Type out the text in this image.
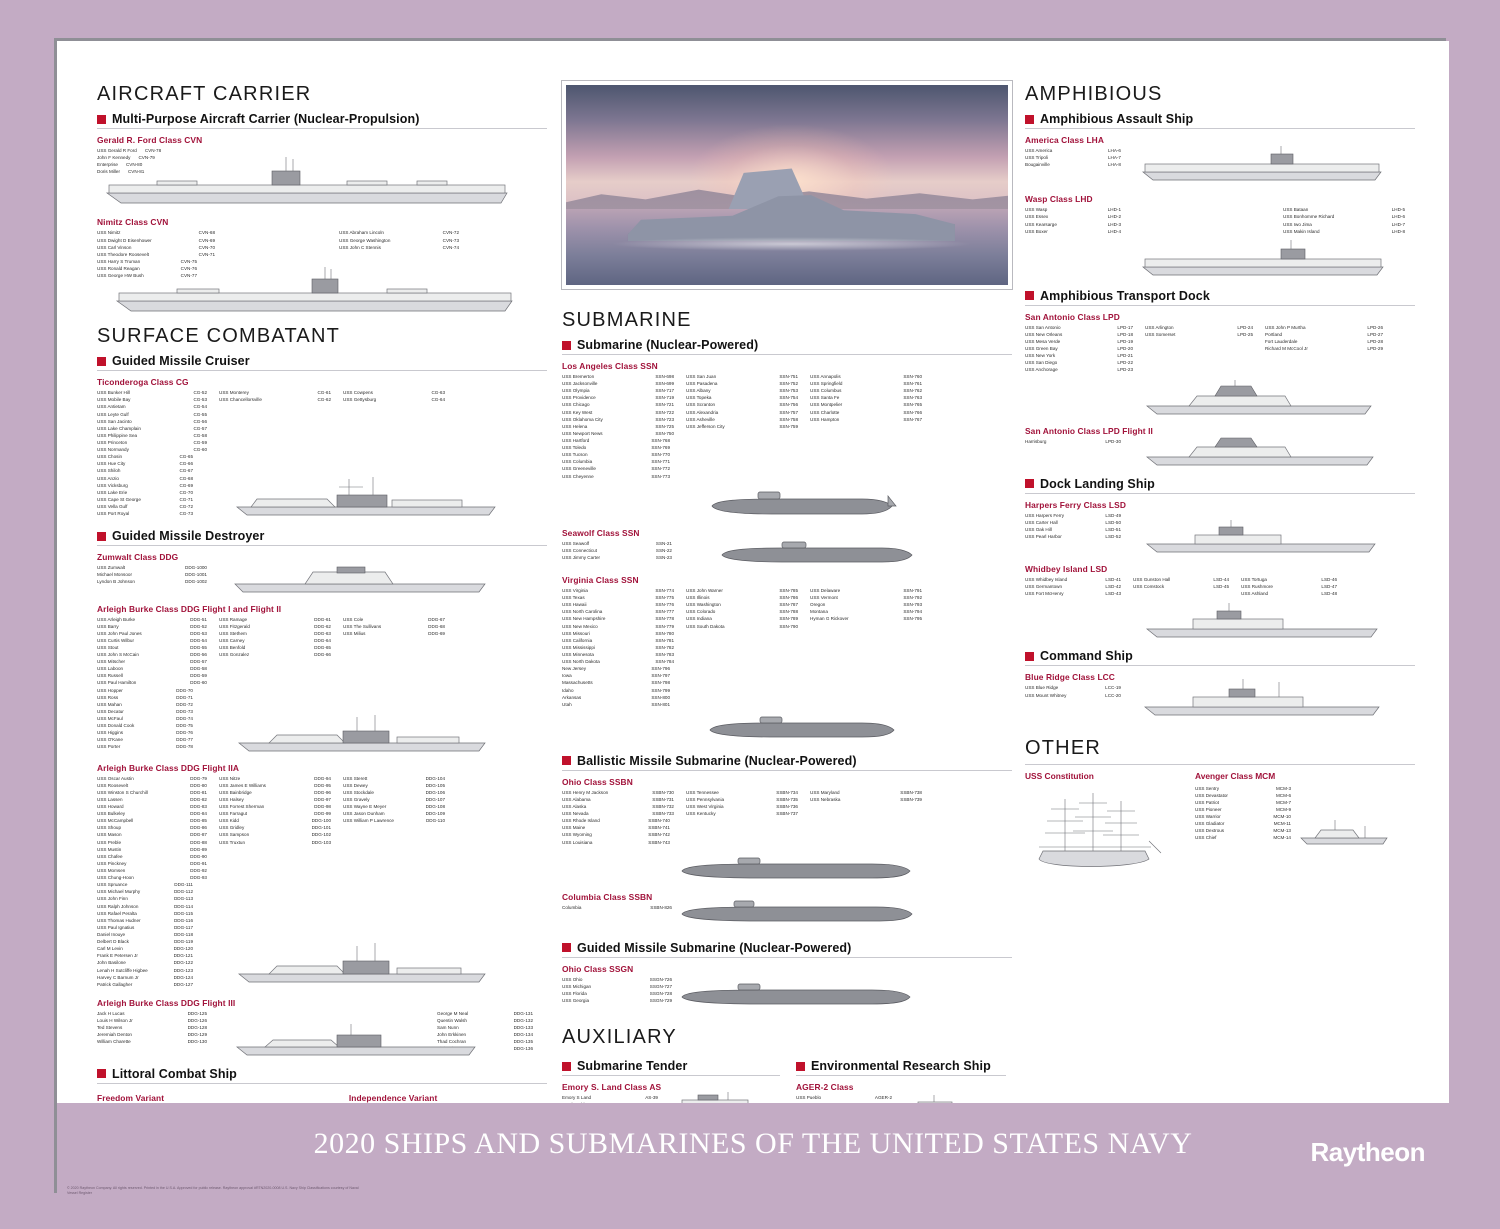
AIRCRAFT CARRIER
Multi-Purpose Aircraft Carrier (Nuclear-Propulsion)
Gerald R. Ford Class CVN
USS Gerald R Ford CVN-78
John F Kennedy CVN-79
Enterprise CVN-80
Doris Miller CVN-81
Nimitz Class CVN
USS Nimitz	CVN-68
USS Dwight D Eisenhower	CVN-69
USS Carl Vinson	CVN-70
USS Theodore Roosevelt	CVN-71
USS Abraham Lincoln	CVN-72
USS George Washington	CVN-73
USS John C Stennis	CVN-74
USS Harry S Truman	CVN-75
USS Ronald Reagan	CVN-76
USS George HW Bush	CVN-77
SURFACE COMBATANT
Guided Missile Cruiser
Ticonderoga Class CG
USS Bunker Hill	CG-52
USS Mobile Bay	CG-53
USS Antietam	CG-54
USS Leyte Gulf	CG-55
USS San Jacinto	CG-56
USS Lake Champlain	CG-57
USS Philippine Sea	CG-58
USS Princeton	CG-59
USS Normandy	CG-60
USS Monterey	CG-61
USS Chancellorsville	CG-62
USS Cowpens	CG-63
USS Gettysburg	CG-64
USS Chosin	CG-65
USS Hue City	CG-66
USS Shiloh	CG-67
USS Anzio	CG-68
USS Vicksburg	CG-69
USS Lake Erie	CG-70
USS Cape St George	CG-71
USS Vella Gulf	CG-72
USS Port Royal	CG-73
Guided Missile Destroyer
Zumwalt Class DDG
USS Zumwalt	DDG-1000
Michael Monsoor	DDG-1001
Lyndon B Johnson	DDG-1002
Arleigh Burke Class DDG Flight I and Flight II
USS Arleigh Burke	DDG-51
USS Barry	DDG-52
USS John Paul Jones	DDG-53
USS Curtis Wilbur	DDG-54
USS Stout	DDG-55
USS John S McCain	DDG-56
USS Mitscher	DDG-57
USS Laboon	DDG-58
USS Russell	DDG-59
USS Paul Hamilton	DDG-60
USS Ramage	DDG-61
USS Fitzgerald	DDG-62
USS Stethem	DDG-63
USS Carney	DDG-64
USS Benfold	DDG-65
USS Gonzalez	DDG-66
USS Cole	DDG-67
USS The Sullivans	DDG-68
USS Milius	DDG-69
USS Hopper	DDG-70
USS Ross	DDG-71
USS Mahan	DDG-72
USS Decatur	DDG-73
USS McFaul	DDG-74
USS Donald Cook	DDG-75
USS Higgins	DDG-76
USS O'Kane	DDG-77
USS Porter	DDG-78
Arleigh Burke Class DDG Flight IIA
USS Oscar Austin	DDG-79
USS Roosevelt	DDG-80
USS Winston S Churchill	DDG-81
USS Lassen	DDG-82
USS Howard	DDG-83
USS Bulkeley	DDG-84
USS McCampbell	DDG-85
USS Shoup	DDG-86
USS Mason	DDG-87
USS Preble	DDG-88
USS Mustin	DDG-89
USS Chafee	DDG-90
USS Pinckney	DDG-91
USS Momsen	DDG-92
USS Chung-Hoon	DDG-93
USS Nitze	DDG-94
USS James E Williams	DDG-95
USS Bainbridge	DDG-96
USS Halsey	DDG-97
USS Forrest Sherman	DDG-98
USS Farragut	DDG-99
USS Kidd	DDG-100
USS Gridley	DDG-101
USS Sampson	DDG-102
USS Truxtun	DDG-103
USS Sterett	DDG-104
USS Dewey	DDG-105
USS Stockdale	DDG-106
USS Gravely	DDG-107
USS Wayne E Meyer	DDG-108
USS Jason Dunham	DDG-109
USS William P Lawrence	DDG-110
USS Spruance	DDG-111
USS Michael Murphy	DDG-112
USS John Finn	DDG-113
USS Ralph Johnson	DDG-114
USS Rafael Peralta	DDG-115
USS Thomas Hudner	DDG-116
USS Paul Ignatius	DDG-117
Daniel Inouye	DDG-118
Delbert D Black	DDG-119
Carl M Levin	DDG-120
Frank E Petersen Jr	DDG-121
John Basilone	DDG-122
Lenah H Sutcliffe Higbee	DDG-123
Harvey C Barnum Jr	DDG-124
Patrick Gallagher	DDG-127
Arleigh Burke Class DDG Flight III
Jack H Lucas	DDG-125
Louis H Wilson Jr	DDG-126
Ted Stevens	DDG-128
Jeremiah Denton	DDG-129
William Charette	DDG-130
George M Neal	DDG-131
Quentin Walsh	DDG-132
Sam Nunn	DDG-133
John Erkkinen	DDG-134
Thad Cochran	DDG-135
DDG-136
Littoral Combat Ship
Freedom Variant	Independence Variant
SUBMARINE
Submarine (Nuclear-Powered)
Los Angeles Class SSN
USS Bremerton	SSN-698
USS Jacksonville	SSN-699
USS Olympia	SSN-717
USS Providence	SSN-719
USS Chicago	SSN-721
USS Key West	SSN-722
USS Oklahoma City	SSN-723
USS Helena	SSN-725
USS Newport News	SSN-750
USS San Juan	SSN-751
USS Pasadena	SSN-752
USS Albany	SSN-753
USS Topeka	SSN-754
USS Scranton	SSN-756
USS Alexandria	SSN-757
USS Asheville	SSN-758
USS Jefferson City	SSN-759
USS Annapolis	SSN-760
USS Springfield	SSN-761
USS Columbus	SSN-762
USS Santa Fe	SSN-763
USS Montpelier	SSN-765
USS Charlotte	SSN-766
USS Hampton	SSN-767
USS Hartford	SSN-768
USS Toledo	SSN-769
USS Tucson	SSN-770
USS Columbia	SSN-771
USS Greeneville	SSN-772
USS Cheyenne	SSN-773
Seawolf Class SSN
USS Seawolf	SSN-21
USS Connecticut	SSN-22
USS Jimmy Carter	SSN-23
Virginia Class SSN
USS Virginia	SSN-774
USS Texas	SSN-775
USS Hawaii	SSN-776
USS North Carolina	SSN-777
USS New Hampshire	SSN-778
USS New Mexico	SSN-779
USS Missouri	SSN-780
USS California	SSN-781
USS Mississippi	SSN-782
USS Minnesota	SSN-783
USS North Dakota	SSN-784
USS John Warner	SSN-785
USS Illinois	SSN-786
USS Washington	SSN-787
USS Colorado	SSN-788
USS Indiana	SSN-789
USS South Dakota	SSN-790
USS Delaware	SSN-791
USS Vermont	SSN-792
Oregon	SSN-793
Montana	SSN-794
Hyman G Rickover	SSN-795
New Jersey	SSN-796
Iowa	SSN-797
Massachusetts	SSN-798
Idaho	SSN-799
Arkansas	SSN-800
Utah	SSN-801
Ballistic Missile Submarine (Nuclear-Powered)
Ohio Class SSBN
USS Henry M Jackson	SSBN-730
USS Alabama	SSBN-731
USS Alaska	SSBN-732
USS Nevada	SSBN-733
USS Tennessee	SSBN-734
USS Pennsylvania	SSBN-735
USS West Virginia	SSBN-736
USS Kentucky	SSBN-737
USS Maryland	SSBN-738
USS Nebraska	SSBN-739
USS Rhode Island	SSBN-740
USS Maine	SSBN-741
USS Wyoming	SSBN-742
USS Louisiana	SSBN-743
Columbia Class SSBN
Columbia	SSBN-826
Guided Missile Submarine (Nuclear-Powered)
Ohio Class SSGN
USS Ohio	SSGN-726
USS Michigan	SSGN-727
USS Florida	SSGN-728
USS Georgia	SSGN-729
AUXILIARY
Submarine Tender
Emory S. Land Class AS
Emory S Land	AS-39
Environmental Research Ship
AGER-2 Class
USS Pueblo	AGER-2
AMPHIBIOUS
Amphibious Assault Ship
America Class LHA
USS America	LHA-6
USS Tripoli	LHA-7
Bougainville	LHA-8
Wasp Class LHD
USS Wasp	LHD-1
USS Essex	LHD-2
USS Kearsarge	LHD-3
USS Boxer	LHD-4
USS Bataan	LHD-5
USS Bonhomme Richard	LHD-6
USS Iwo Jima	LHD-7
USS Makin Island	LHD-8
Amphibious Transport Dock
San Antonio Class LPD
USS San Antonio	LPD-17
USS New Orleans	LPD-18
USS Mesa Verde	LPD-19
USS Green Bay	LPD-20
USS New York	LPD-21
USS San Diego	LPD-22
USS Anchorage	LPD-23
USS Arlington	LPD-24
USS Somerset	LPD-25
USS John P Murtha	LPD-26
Portland	LPD-27
Fort Lauderdale	LPD-28
Richard M McCool Jr	LPD-29
San Antonio Class LPD Flight II
Harrisburg	LPD-30
Dock Landing Ship
Harpers Ferry Class LSD
USS Harpers Ferry	LSD-49
USS Carter Hall	LSD-50
USS Oak Hill	LSD-51
USS Pearl Harbor	LSD-52
Whidbey Island LSD
USS Whidbey Island	LSD-41
USS Germantown	LSD-42
USS Fort McHenry	LSD-43
USS Gunston Hall	LSD-44
USS Comstock	LSD-45
USS Tortuga	LSD-46
USS Rushmore	LSD-47
USS Ashland	LSD-48
Command Ship
Blue Ridge Class LCC
USS Blue Ridge	LCC-19
USS Mount Whitney	LCC-20
OTHER
USS Constitution	Avenger Class MCM
USS Sentry	MCM-3
USS Devastator	MCM-6
USS Patriot	MCM-7
USS Pioneer	MCM-9
USS Warrior	MCM-10
USS Gladiator	MCM-11
USS Dextrous	MCM-13
USS Chief	MCM-14
2020 SHIPS AND SUBMARINES OF THE UNITED STATES NAVY	Raytheon
© 2020 Raytheon Company. All rights reserved. Printed in the U.S.A. Approved for public release. Raytheon approval #RTN2020-0008 U.S. Navy Ship Classifications courtesy of Naval Vessel Register
